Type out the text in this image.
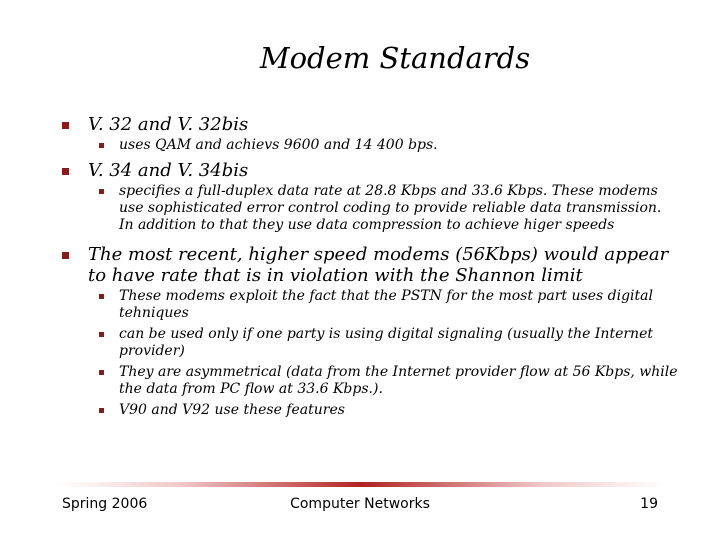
Modem Standards
V. 32 and V. 32bis
uses QAM and achievs 9600 and 14 400 bps.
V. 34 and V. 34bis
specifies a full-duplex data rate at 28.8 Kbps and 33.6 Kbps. These modems use sophisticated error control coding to provide reliable data transmission. In addition to that they use data compression to achieve higer speeds
The most recent, higher speed modems (56Kbps) would appear to have rate that is in violation with the Shannon limit
These modems exploit the fact that the PSTN for the most part uses digital tehniques
can be used only if one party is using digital signaling (usually the Internet provider)
They are asymmetrical (data from the Internet provider flow at 56 Kbps, while the data from PC flow at 33.6 Kbps.).
V90 and V92 use these features
Spring 2006	Computer Networks	19
